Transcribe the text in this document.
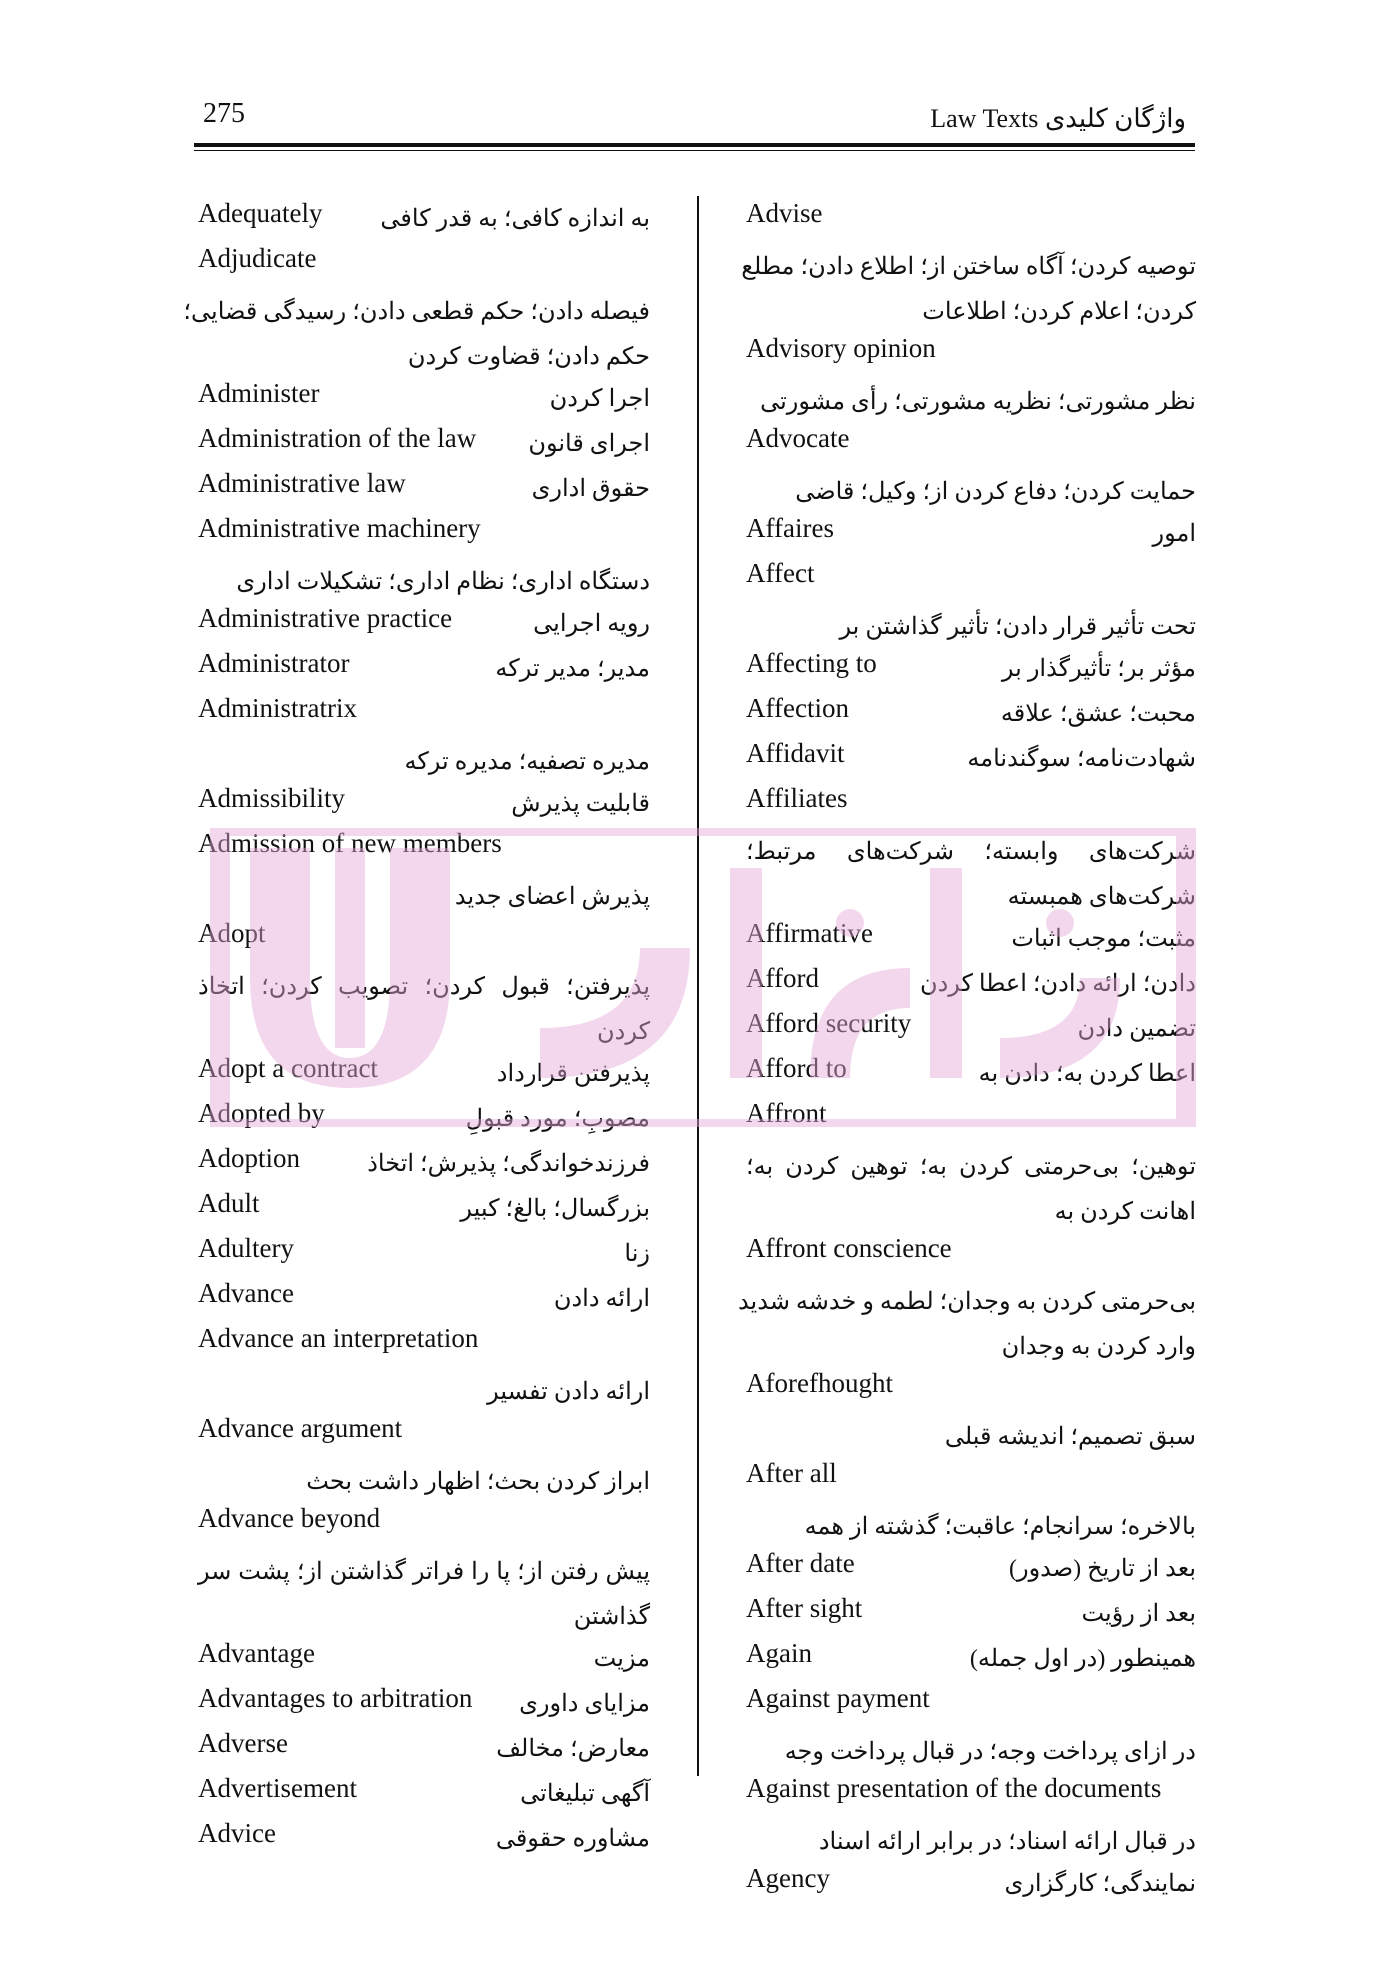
275	Law Texts واژگان کلیدی
Adequately به اندازه کافی؛ به قدر کافی
Adjudicate
فیصله دادن؛ حکم قطعی دادن؛ رسیدگی قضایی؛
حکم دادن؛ قضاوت کردن
Administer	اجرا کردن
Administration of the law اجرای قانون
Administrative law	حقوق اداری
Administrative machinery
دستگاه اداری؛ نظام اداری؛ تشکیلات اداری
Administrative practice	رویه اجرایی
Administrator	مدیر؛ مدیر ترکه
Administratrix
مدیره تصفیه؛ مدیره ترکه
Admissibility	قابلیت پذیرش
Admission of new members
پذیرش اعضای جدید
Adopt
پذیرفتن؛ قبول کردن؛ تصویب کردن؛ اتخاذ
کردن
Adopt a contract	پذیرفتن قرارداد
Adopted by	مصوبِ؛ مورد قبولِ
Adoption	فرزندخواندگی؛ پذیرش؛ اتخاذ
Adult	بزرگسال؛ بالغ؛ کبیر
Adultery	زنا
Advance	ارائه دادن
Advance an interpretation
ارائه دادن تفسیر
Advance argument
ابراز کردن بحث؛ اظهار داشت بحث
Advance beyond
پیش رفتن از؛ پا را فراتر گذاشتن از؛ پشت سر
گذاشتن
Advantage	مزیت
Advantages to arbitration مزایای داوری
Adverse	معارض؛ مخالف
Advertisement	آگهی تبلیغاتی
Advice	مشاوره حقوقی
Advise
توصیه کردن؛ آگاه ساختن از؛ اطلاع دادن؛ مطلع
کردن؛ اعلام کردن؛ اطلاعات
Advisory opinion
نظر مشورتی؛ نظریه مشورتی؛ رأی مشورتی
Advocate
حمایت کردن؛ دفاع کردن از؛ وکیل؛ قاضی
Affaires	امور
Affect
تحت تأثیر قرار دادن؛ تأثیر گذاشتن بر
Affecting to	مؤثر بر؛ تأثیرگذار بر
Affection	محبت؛ عشق؛ علاقه
Affidavit	شهادت‌نامه؛ سوگندنامه
Affiliates
شرکت‌های وابسته؛ شرکت‌های مرتبط؛
شرکت‌های همبسته
Affirmative	مثبت؛ موجب اثبات
Afford	دادن؛ ارائه دادن؛ اعطا کردن
Afford security	تضمین دادن
Afford to	اعطا کردن به؛ دادن به
Affront
توهین؛ بی‌حرمتی کردن به؛ توهین کردن به؛
اهانت کردن به
Affront conscience
بی‌حرمتی کردن به وجدان؛ لطمه و خدشه شدید
وارد کردن به وجدان
Aforefhought
سبق تصمیم؛ اندیشه قبلی
After all
بالاخره؛ سرانجام؛ عاقبت؛ گذشته از همه
After date	بعد از تاریخ (صدور)
After sight	بعد از رؤیت
Again	همینطور (در اول جمله)
Against payment
در ازای پرداخت وجه؛ در قبال پرداخت وجه
Against presentation of the documents
در قبال ارائه اسناد؛ در برابر ارائه اسناد
Agency	نمایندگی؛ کارگزاری
